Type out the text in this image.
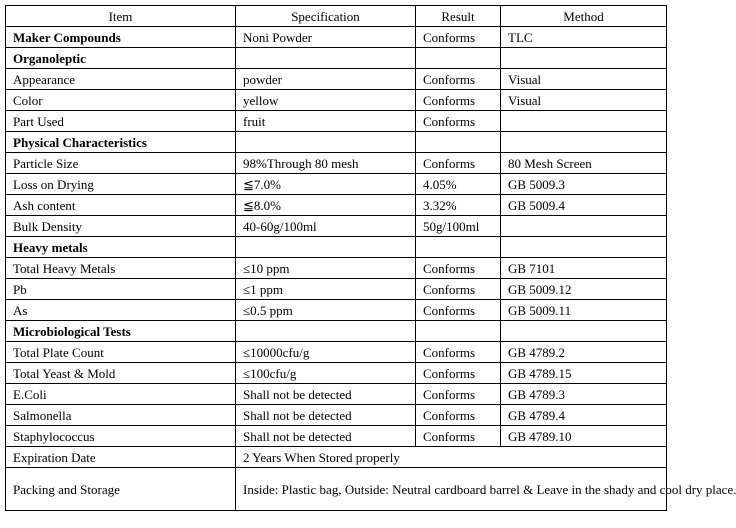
Item	Specification	Result	Method
Maker Compounds	Noni Powder	Conforms	TLC
Organoleptic			
Appearance	powder	Conforms	Visual
Color	yellow	Conforms	Visual
Part Used	fruit	Conforms	
Physical Characteristics			
Particle Size	98%Through 80 mesh	Conforms	80 Mesh Screen
Loss on Drying	≦7.0%	4.05%	GB 5009.3
Ash content	≦8.0%	3.32%	GB 5009.4
Bulk Density	40-60g/100ml	50g/100ml	
Heavy metals			
Total Heavy Metals	≤10 ppm	Conforms	GB 7101
Pb	≤1 ppm	Conforms	GB 5009.12
As	≤0.5 ppm	Conforms	GB 5009.11
Microbiological Tests			
Total Plate Count	≤10000cfu/g	Conforms	GB 4789.2
Total Yeast & Mold	≤100cfu/g	Conforms	GB 4789.15
E.Coli	Shall not be detected	Conforms	GB 4789.3
Salmonella	Shall not be detected	Conforms	GB 4789.4
Staphylococcus	Shall not be detected	Conforms	GB 4789.10
Expiration Date	2 Years When Stored properly		
Packing and Storage	Inside: Plastic bag, Outside: Neutral cardboard barrel & Leave in the shady and cool dry place.		
